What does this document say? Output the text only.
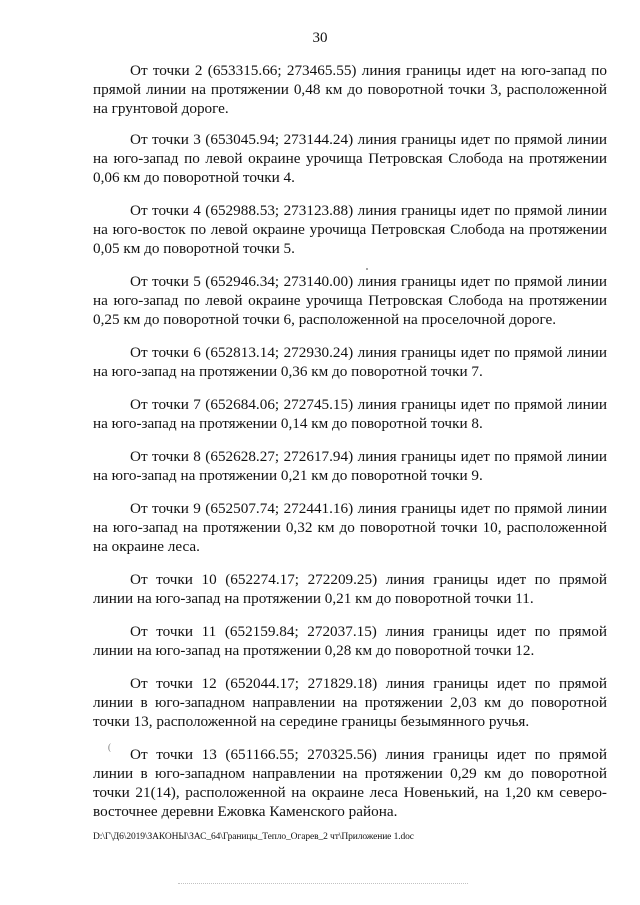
30

От точки 2 (653315.66; 273465.55) линия границы идет на юго-запад по прямой линии на протяжении 0,48 км до поворотной точки 3, расположенной на грунтовой дороге.

От точки 3 (653045.94; 273144.24) линия границы идет по прямой линии на юго-запад по левой окраине урочища Петровская Слобода на протяжении 0,06 км до поворотной точки 4.

От точки 4 (652988.53; 273123.88) линия границы идет по прямой линии на юго-восток по левой окраине урочища Петровская Слобода на протяжении 0,05 км до поворотной точки 5.

От точки 5 (652946.34; 273140.00) линия границы идет по прямой линии на юго-запад по левой окраине урочища Петровская Слобода на протяжении 0,25 км до поворотной точки 6, расположенной на проселочной дороге.

От точки 6 (652813.14; 272930.24) линия границы идет по прямой линии на юго-запад на протяжении 0,36 км до поворотной точки 7.

От точки 7 (652684.06; 272745.15) линия границы идет по прямой линии на юго-запад на протяжении 0,14 км до поворотной точки 8.

От точки 8 (652628.27; 272617.94) линия границы идет по прямой линии на юго-запад на протяжении 0,21 км до поворотной точки 9.

От точки 9 (652507.74; 272441.16) линия границы идет по прямой линии на юго-запад на протяжении 0,32 км до поворотной точки 10, расположенной на окраине леса.

От точки 10 (652274.17; 272209.25) линия границы идет по прямой линии на юго-запад на протяжении 0,21 км до поворотной точки 11.

От точки 11 (652159.84; 272037.15) линия границы идет по прямой линии на юго-запад на протяжении 0,28 км до поворотной точки 12.

От точки 12 (652044.17; 271829.18) линия границы идет по прямой линии в юго-западном направлении на протяжении 2,03 км до поворотной точки 13, расположенной на середине границы безымянного ручья.

От точки 13 (651166.55; 270325.56) линия границы идет по прямой линии в юго-западном направлении на протяжении 0,29 км до поворотной точки 21(14), расположенной на окраине леса Новенький, на 1,20 км северо-восточнее деревни Ежовка Каменского района.

(
D:\Г\Д6\2019\ЗАКОНЫ\ЗАС_64\Границы_Тепло_Огарев_2 чт\Приложение 1.doc
